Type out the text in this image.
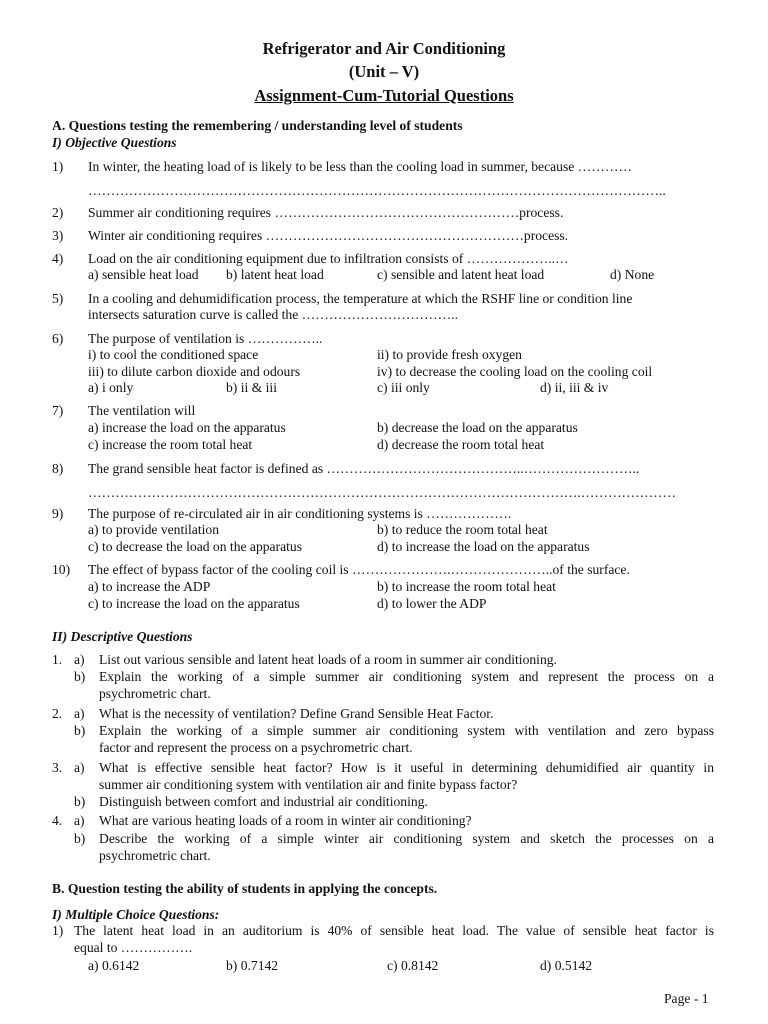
Refrigerator and Air Conditioning
(Unit – V)
Assignment-Cum-Tutorial Questions
A. Questions testing the remembering / understanding level of students
I) Objective Questions
1) In winter, the heating load of is likely to be less than the cooling load in summer, because …………
………………………………………………………………………………………………………………..
2) Summer air conditioning requires ………………………………………………process.
3) Winter air conditioning requires …………………………………………………process.
4) Load on the air conditioning equipment due to infiltration consists of ………………..…
a) sensible heat load b) latent heat load	c) sensible and latent heat load	d) None
5) In a cooling and dehumidification process, the temperature at which the RSHF line or condition line
intersects saturation curve is called the ……………………………..
6) The purpose of ventilation is ……………..
i) to cool the conditioned space	ii) to provide fresh oxygen
iii) to dilute carbon dioxide and odours	iv) to decrease the cooling load on the cooling coil
a) i only	b) ii & iii	c) iii only	d) ii, iii & iv
7) The ventilation will
a) increase the load on the apparatus	b) decrease the load on the apparatus
c) increase the room total heat	d) decrease the room total heat
8) The grand sensible heat factor is defined as ……………………………………..……………………..
……………………………………………………………………………………………….…………………
9) The purpose of re-circulated air in air conditioning systems is ……………….
a) to provide ventilation	b) to reduce the room total heat
c) to decrease the load on the apparatus	d) to increase the load on the apparatus
10) The effect of bypass factor of the cooling coil is ………………….…………………..of the surface.
a) to increase the ADP	b) to increase the room total heat
c) to increase the load on the apparatus	d) to lower the ADP
II) Descriptive Questions
1. a) List out various sensible and latent heat loads of a room in summer air conditioning.
b) Explain the working of a simple summer air conditioning system and represent the process on a
psychrometric chart.
2. a) What is the necessity of ventilation? Define Grand Sensible Heat Factor.
b) Explain the working of a simple summer air conditioning system with ventilation and zero bypass
factor and represent the process on a psychrometric chart.
3. a) What is effective sensible heat factor? How is it useful in determining dehumidified air quantity in
summer air conditioning system with ventilation air and finite bypass factor?
b) Distinguish between comfort and industrial air conditioning.
4. a) What are various heating loads of a room in winter air conditioning?
b) Describe the working of a simple winter air conditioning system and sketch the processes on a
psychrometric chart.
B. Question testing the ability of students in applying the concepts.
I) Multiple Choice Questions:
1) The latent heat load in an auditorium is 40% of sensible heat load. The value of sensible heat factor is
equal to …………….
a) 0.6142	b) 0.7142	c) 0.8142	d) 0.5142
Page - 1
